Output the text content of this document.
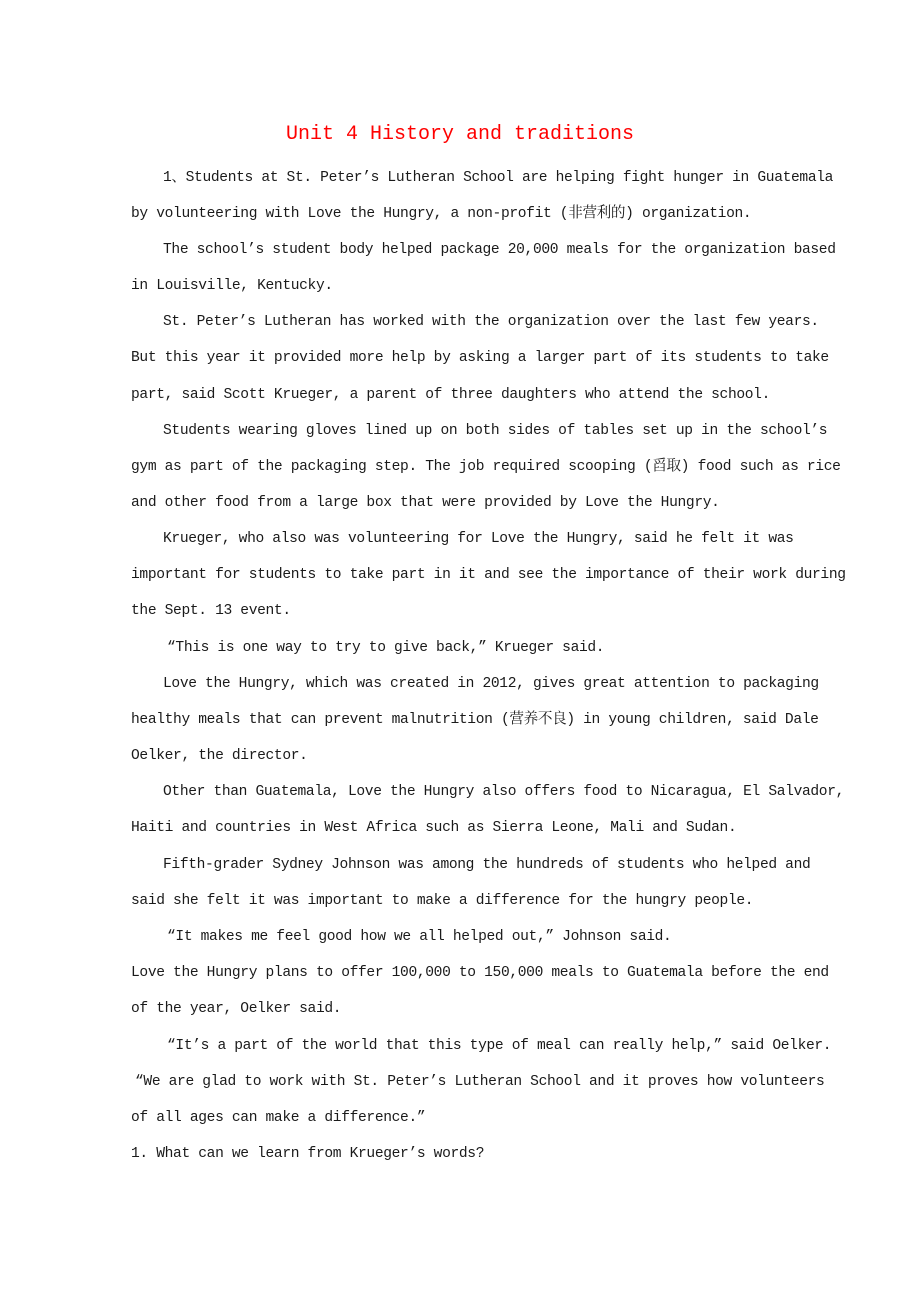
Unit 4 History and traditions
1、Students at St. Peter’s Lutheran School are helping fight hunger in Guatemala
by volunteering with Love the Hungry, a non-profit (非营利的) organization.
The school’s student body helped package 20,000 meals for the organization based
in Louisville, Kentucky.
St. Peter’s Lutheran has worked with the organization over the last few years.
But this year it provided more help by asking a larger part of its students to take
part, said Scott Krueger, a parent of three daughters who attend the school.
Students wearing gloves lined up on both sides of tables set up in the school’s
gym as part of the packaging step. The job required scooping (舀取) food such as rice
and other food from a large box that were provided by Love the Hungry.
Krueger, who also was volunteering for Love the Hungry, said he felt it was
important for students to take part in it and see the importance of their work during
the Sept. 13 event.
“This is one way to try to give back,” Krueger said.
Love the Hungry, which was created in 2012, gives great attention to packaging
healthy meals that can prevent malnutrition (营养不良) in young children, said Dale
Oelker, the director.
Other than Guatemala, Love the Hungry also offers food to Nicaragua, El Salvador,
Haiti and countries in West Africa such as Sierra Leone, Mali and Sudan.
Fifth-grader Sydney Johnson was among the hundreds of students who helped and
said she felt it was important to make a difference for the hungry people.
“It makes me feel good how we all helped out,” Johnson said.
Love the Hungry plans to offer 100,000 to 150,000 meals to Guatemala before the end
of the year, Oelker said.
“It’s a part of the world that this type of meal can really help,” said Oelker.
“We are glad to work with St. Peter’s Lutheran School and it proves how volunteers
of all ages can make a difference.”
1. What can we learn from Krueger’s words?
